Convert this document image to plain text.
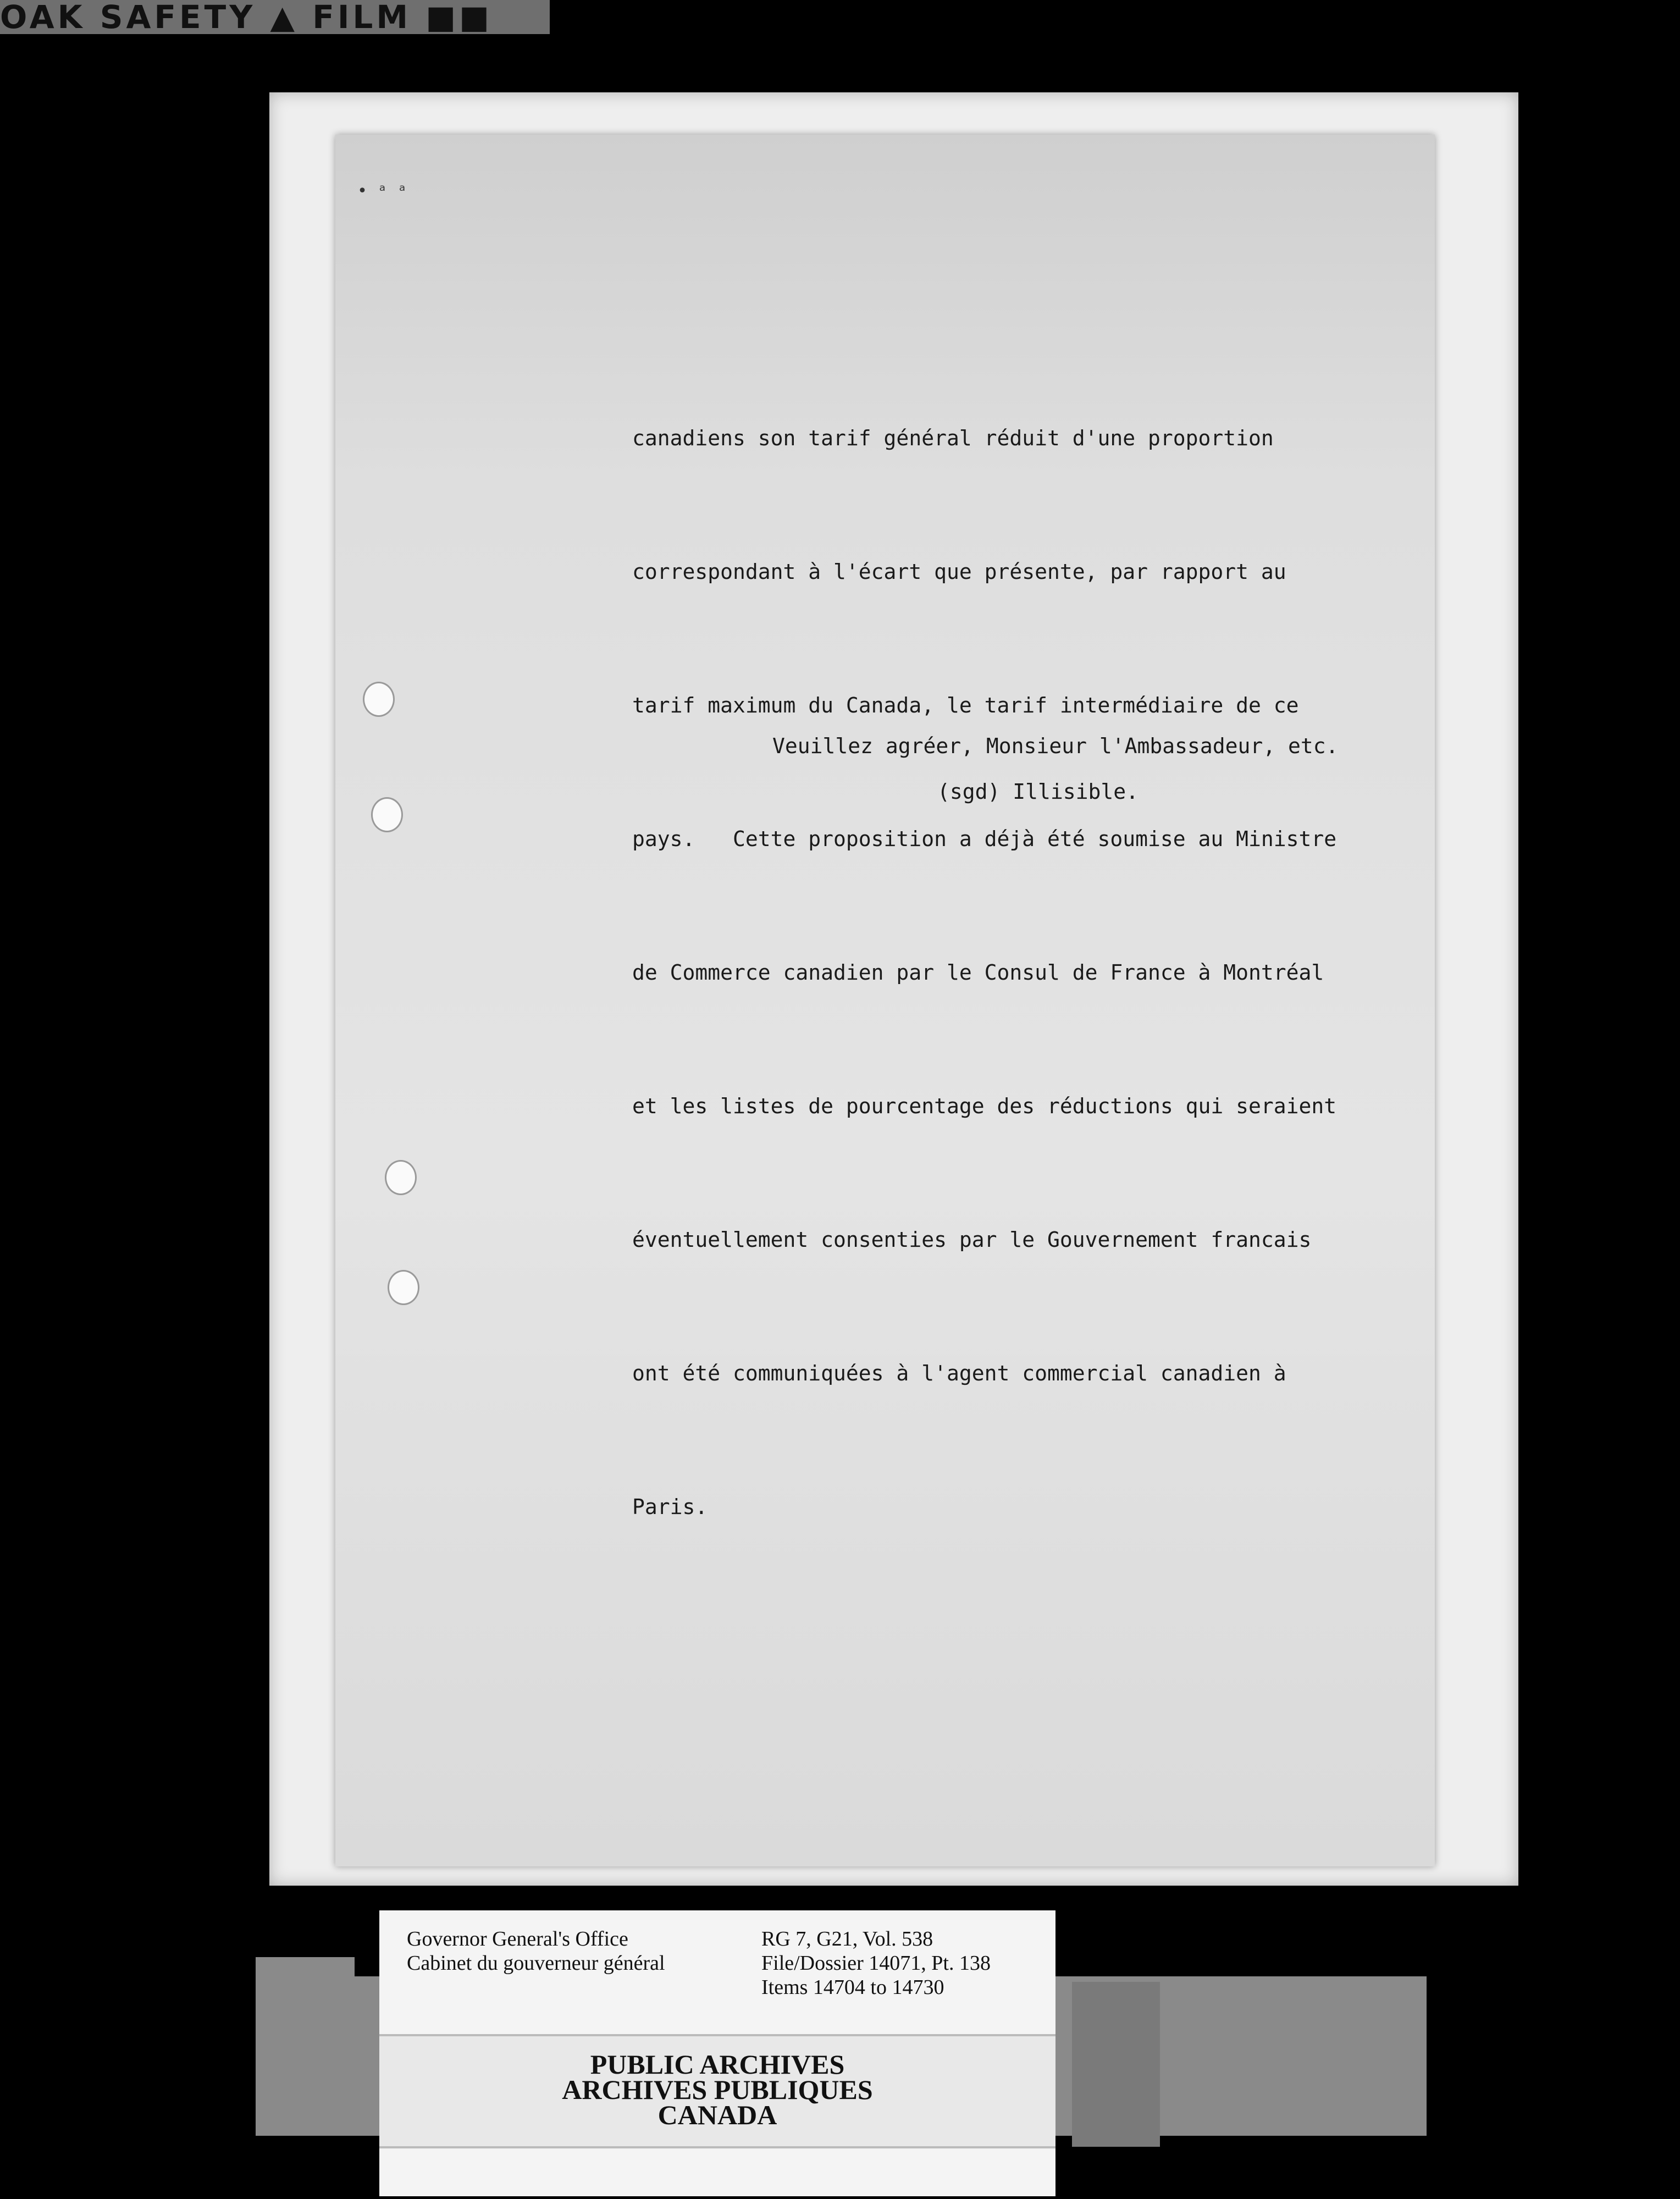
OAK SAFETY ▲ FILM ■■
• ᵃ ᵃ

canadiens son tarif général réduit d'une proportion

correspondant à l'écart que présente, par rapport au

tarif maximum du Canada, le tarif intermédiaire de ce

pays.   Cette proposition a déjà été soumise au Ministre

de Commerce canadien par le Consul de France à Montréal

et les listes de pourcentage des réductions qui seraient

éventuellement consenties par le Gouvernement francais

ont été communiquées à l'agent commercial canadien à

Paris.

Veuillez agréer, Monsieur l'Ambassadeur, etc.
(sgd) Illisible.
Governor General's Office
Cabinet du gouverneur général
RG 7, G21, Vol. 538
File/Dossier 14071, Pt. 138
Items 14704 to 14730
PUBLIC ARCHIVES
ARCHIVES PUBLIQUES
CANADA
